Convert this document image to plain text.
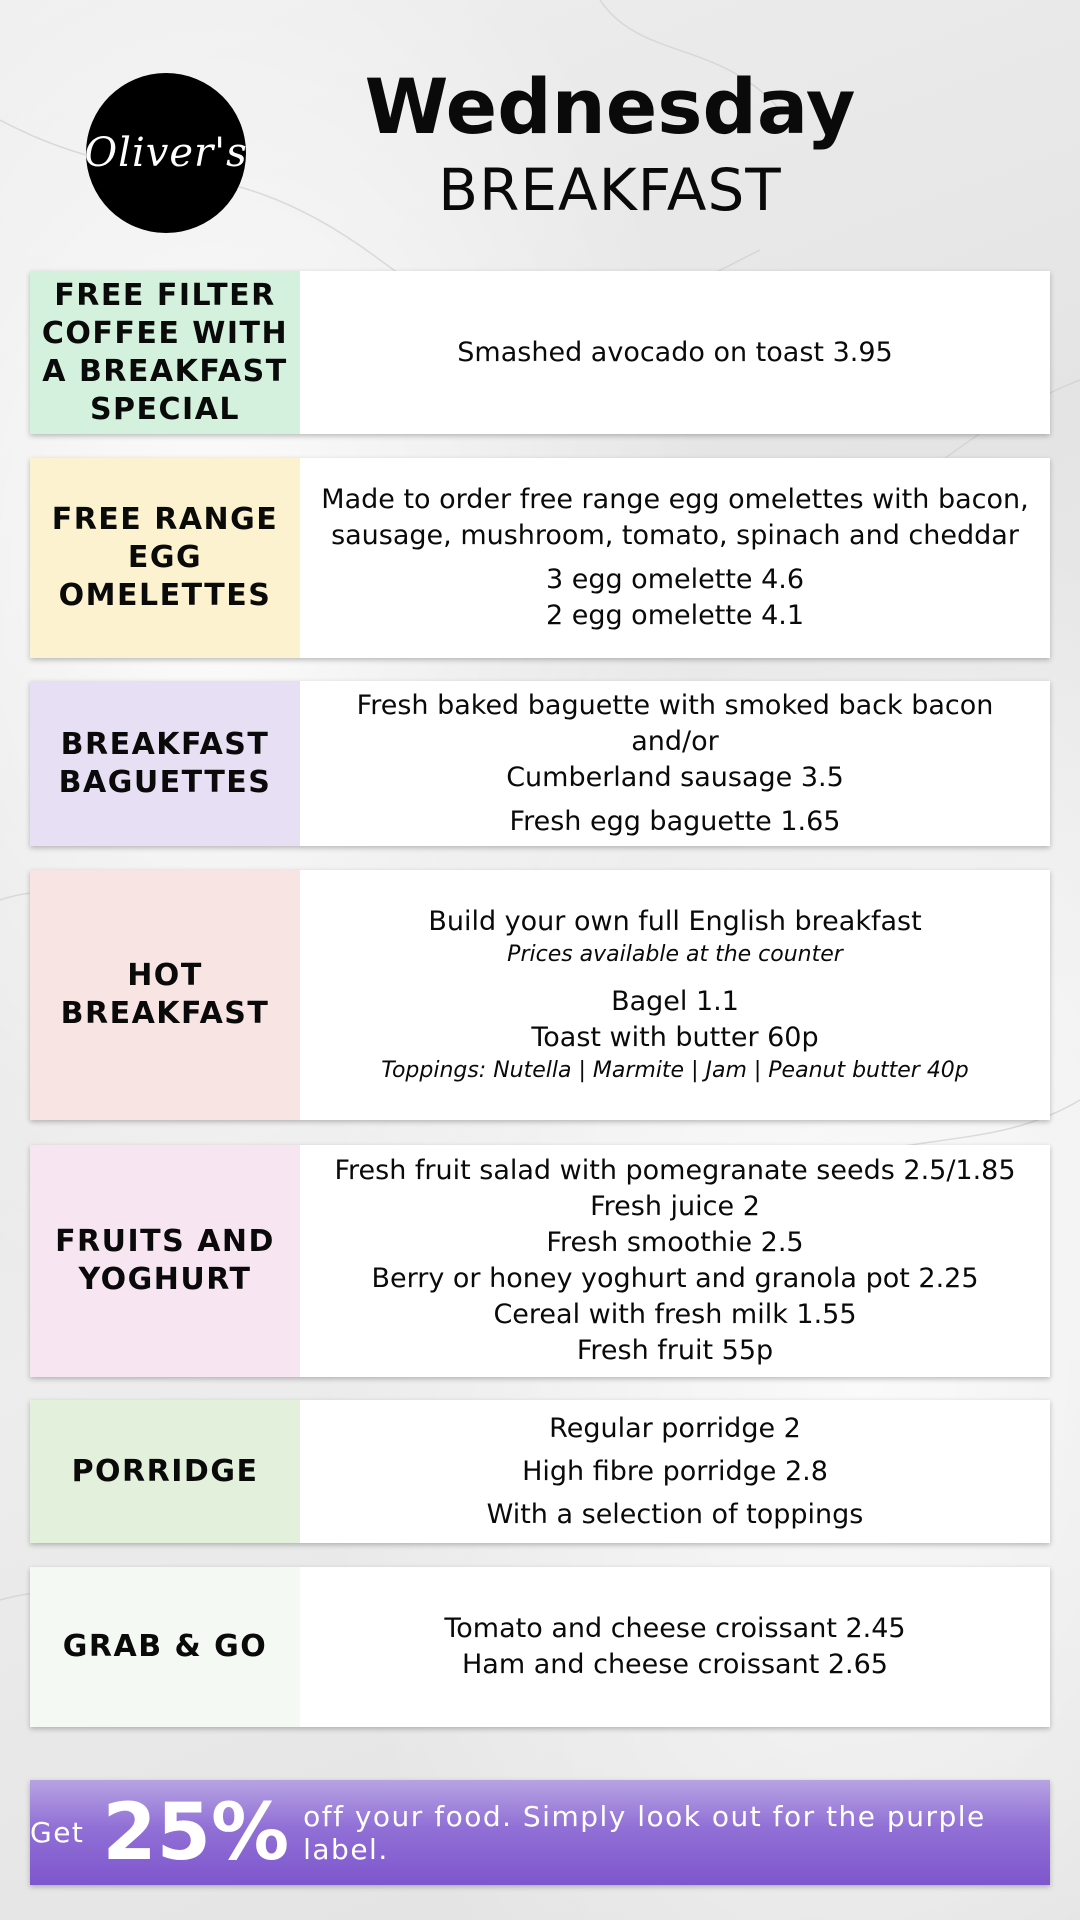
Oliver's
Wednesday
BREAKFAST
FREE FILTER COFFEE WITH A BREAKFAST SPECIAL
Smashed avocado on toast 3.95
FREE RANGE EGG OMELETTES
Made to order free range egg omelettes with bacon,
sausage, mushroom, tomato, spinach and cheddar
3 egg omelette 4.6
2 egg omelette 4.1
BREAKFAST BAGUETTES
Fresh baked baguette with smoked back bacon and/or
Cumberland sausage 3.5
Fresh egg baguette 1.65
HOT BREAKFAST
Build your own full English breakfast
Prices available at the counter
Bagel 1.1
Toast with butter 60p
Toppings: Nutella | Marmite | Jam | Peanut butter 40p
FRUITS AND YOGHURT
Fresh fruit salad with pomegranate seeds 2.5/1.85
Fresh juice 2
Fresh smoothie 2.5
Berry or honey yoghurt and granola pot 2.25
Cereal with fresh milk 1.55
Fresh fruit 55p
PORRIDGE
Regular porridge 2
High fibre porridge 2.8
With a selection of toppings
GRAB & GO
Tomato and cheese croissant 2.45
Ham and cheese croissant 2.65
Get 25% off your food. Simply look out for the purple label.
